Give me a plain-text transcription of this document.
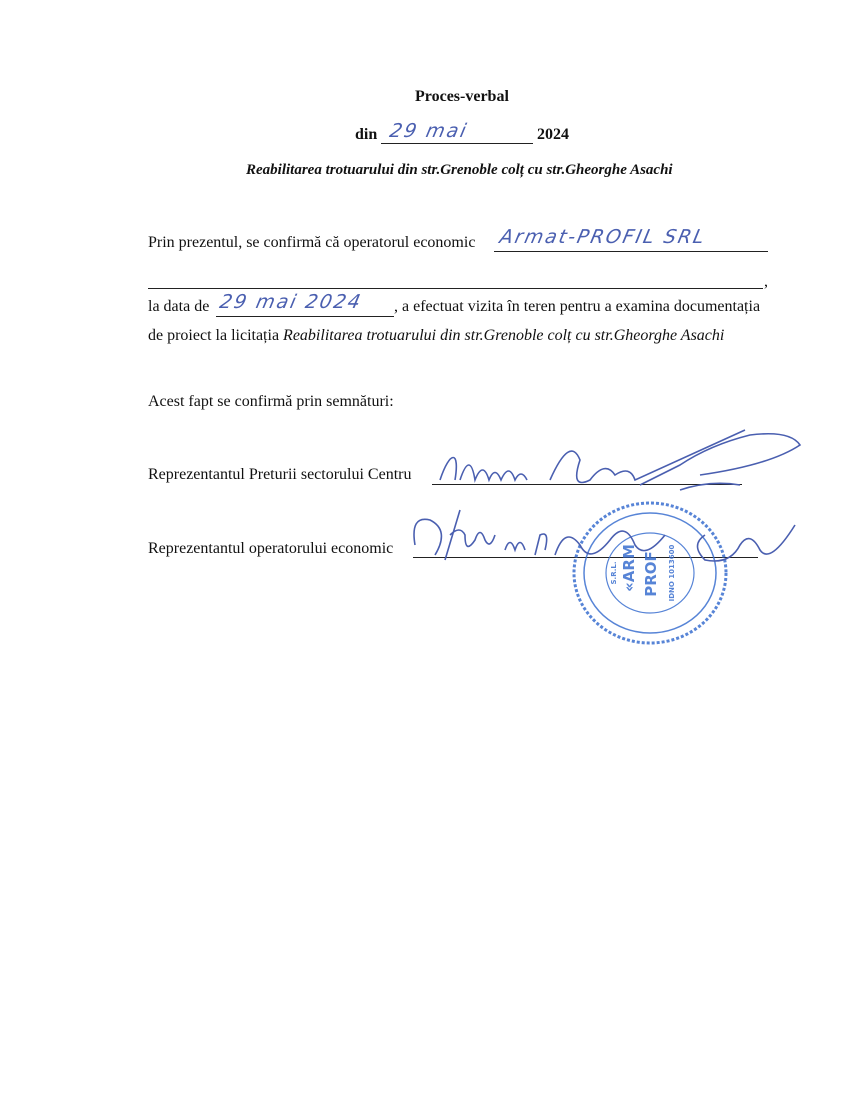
Proces-verbal
din 29 mai	2024
Reabilitarea trotuarului din str.Grenoble colț cu str.Gheorghe Asachi
Prin prezentul, se confirmă că operatorul economic Armat-PROFIL SRL
,
la data de 29 mai 2024 , a efectuat vizita în teren pentru a examina documentația
de proiect la licitația Reabilitarea trotuarului din str.Grenoble colț cu str.Gheorghe Asachi
Acest fapt se confirmă prin semnături:
Reprezentantul Preturii sectorului Centru
Reprezentantul operatorului economic	«ARM PROF
S.R.L.	IDNO 1013600
